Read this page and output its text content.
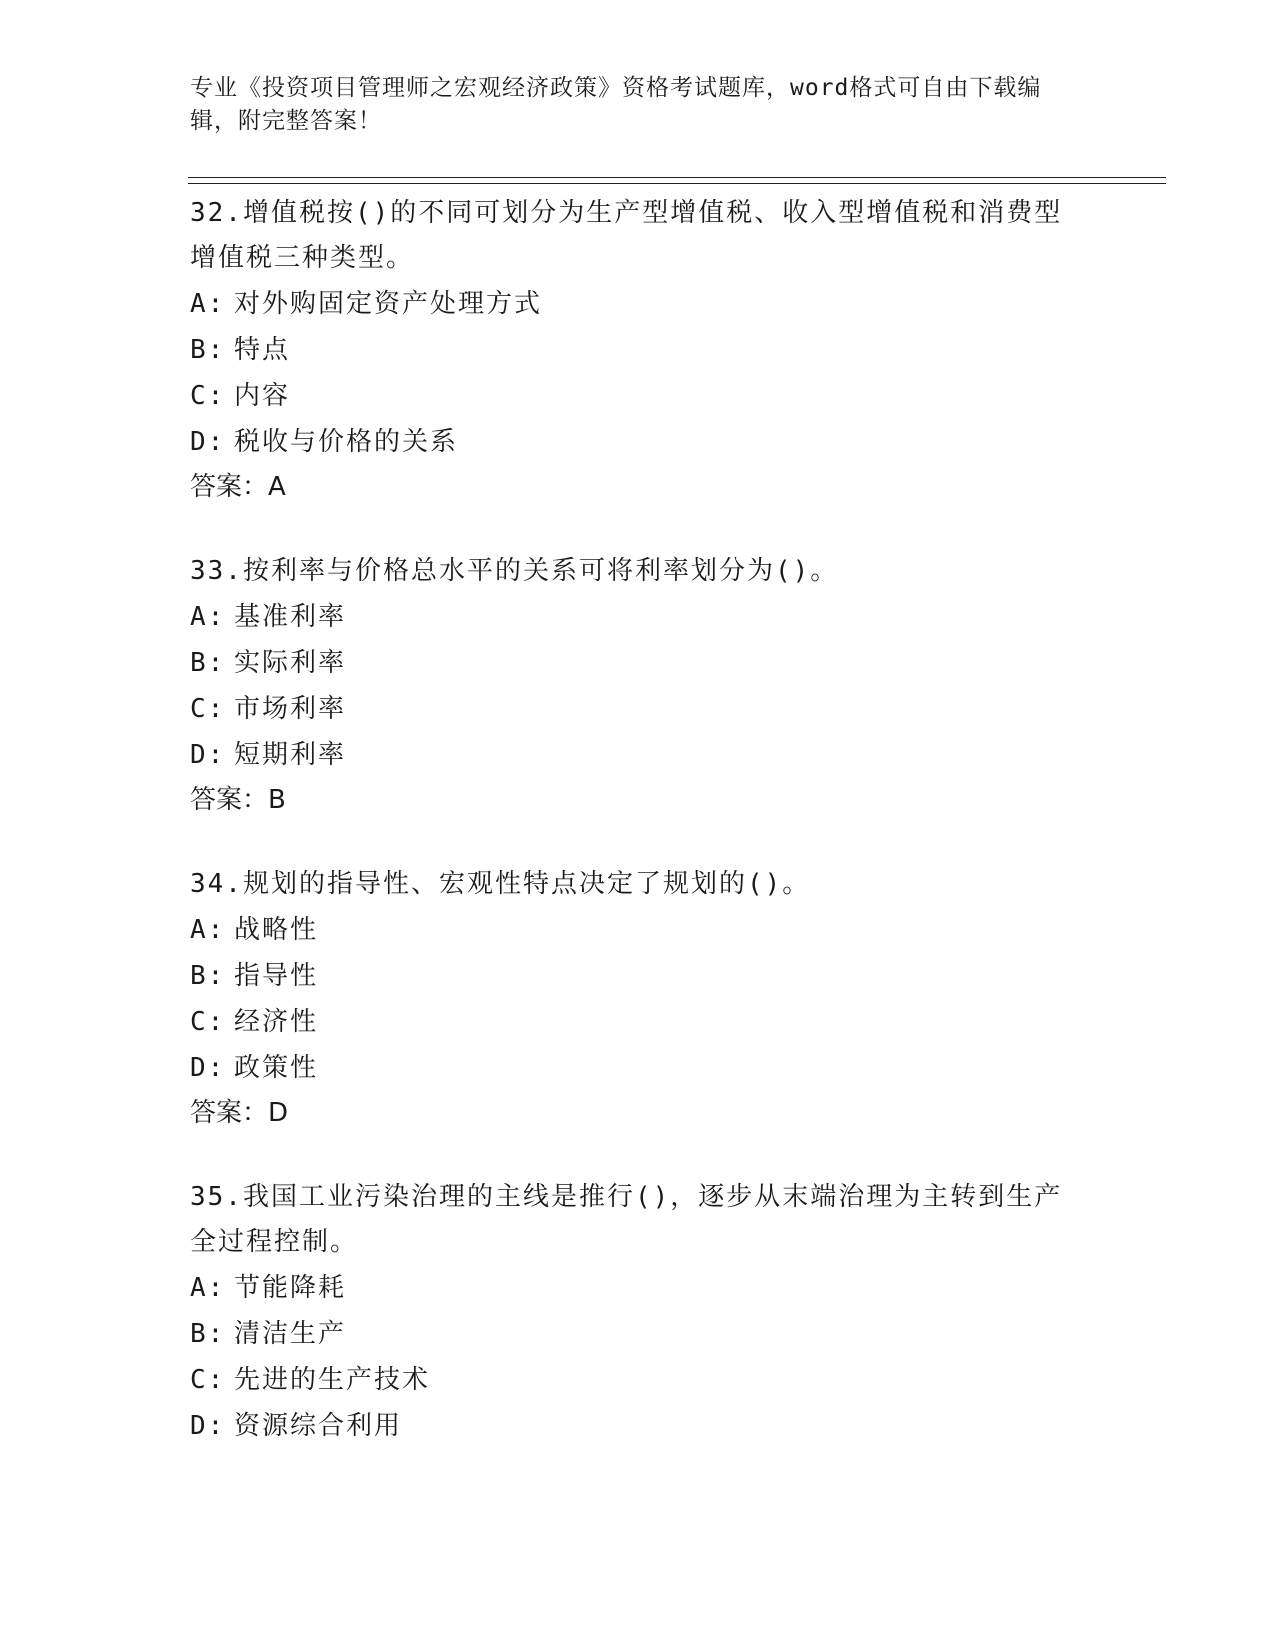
专业《投资项目管理师之宏观经济政策》资格考试题库，word格式可自由下载编
辑，附完整答案！
32.增值税按()的不同可划分为生产型增值税、收入型增值税和消费型增值税三种类型。
A: 对外购固定资产处理方式
B: 特点
C: 内容
D: 税收与价格的关系
答案：A
33.按利率与价格总水平的关系可将利率划分为()。
A: 基准利率
B: 实际利率
C: 市场利率
D: 短期利率
答案：B
34.规划的指导性、宏观性特点决定了规划的()。
A: 战略性
B: 指导性
C: 经济性
D: 政策性
答案：D
35.我国工业污染治理的主线是推行()，逐步从末端治理为主转到生产全过程控制。
A: 节能降耗
B: 清洁生产
C: 先进的生产技术
D: 资源综合利用
